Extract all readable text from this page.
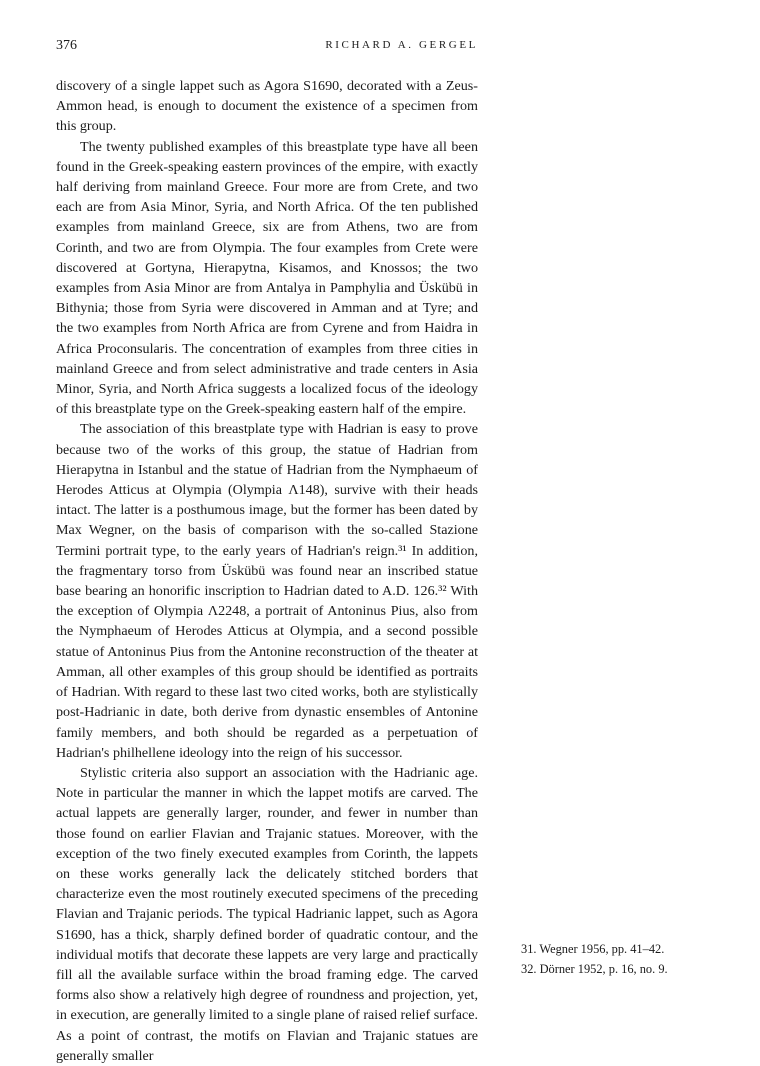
376	RICHARD A. GERGEL

discovery of a single lappet such as Agora S1690, decorated with a Zeus-Ammon head, is enough to document the existence of a specimen from this group.

The twenty published examples of this breastplate type have all been found in the Greek-speaking eastern provinces of the empire, with exactly half deriving from mainland Greece. Four more are from Crete, and two each are from Asia Minor, Syria, and North Africa. Of the ten published examples from mainland Greece, six are from Athens, two are from Corinth, and two are from Olympia. The four examples from Crete were discovered at Gortyna, Hierapytna, Kisamos, and Knossos; the two examples from Asia Minor are from Antalya in Pamphylia and Üskübü in Bithynia; those from Syria were discovered in Amman and at Tyre; and the two examples from North Africa are from Cyrene and from Haidra in Africa Proconsularis. The concentration of examples from three cities in mainland Greece and from select administrative and trade centers in Asia Minor, Syria, and North Africa suggests a localized focus of the ideology of this breastplate type on the Greek-speaking eastern half of the empire.

The association of this breastplate type with Hadrian is easy to prove because two of the works of this group, the statue of Hadrian from Hierapytna in Istanbul and the statue of Hadrian from the Nymphaeum of Herodes Atticus at Olympia (Olympia Λ148), survive with their heads intact. The latter is a posthumous image, but the former has been dated by Max Wegner, on the basis of comparison with the so-called Stazione Termini portrait type, to the early years of Hadrian's reign.³¹ In addition, the fragmentary torso from Üskübü was found near an inscribed statue base bearing an honorific inscription to Hadrian dated to A.D. 126.³² With the exception of Olympia Λ2248, a portrait of Antoninus Pius, also from the Nymphaeum of Herodes Atticus at Olympia, and a second possible statue of Antoninus Pius from the Antonine reconstruction of the theater at Amman, all other examples of this group should be identified as portraits of Hadrian. With regard to these last two cited works, both are stylistically post-Hadrianic in date, both derive from dynastic ensembles of Antonine family members, and both should be regarded as a perpetuation of Hadrian's philhellene ideology into the reign of his successor.

Stylistic criteria also support an association with the Hadrianic age. Note in particular the manner in which the lappet motifs are carved. The actual lappets are generally larger, rounder, and fewer in number than those found on earlier Flavian and Trajanic statues. Moreover, with the exception of the two finely executed examples from Corinth, the lappets on these works generally lack the delicately stitched borders that characterize even the most routinely executed specimens of the preceding Flavian and Trajanic periods. The typical Hadrianic lappet, such as Agora S1690, has a thick, sharply defined border of quadratic contour, and the individual motifs that decorate these lappets are very large and practically fill all the available surface within the broad framing edge. The carved forms also show a relatively high degree of roundness and projection, yet, in execution, are generally limited to a single plane of raised relief surface. As a point of contrast, the motifs on Flavian and Trajanic statues are generally smaller

31. Wegner 1956, pp. 41–42.
32. Dörner 1952, p. 16, no. 9.
